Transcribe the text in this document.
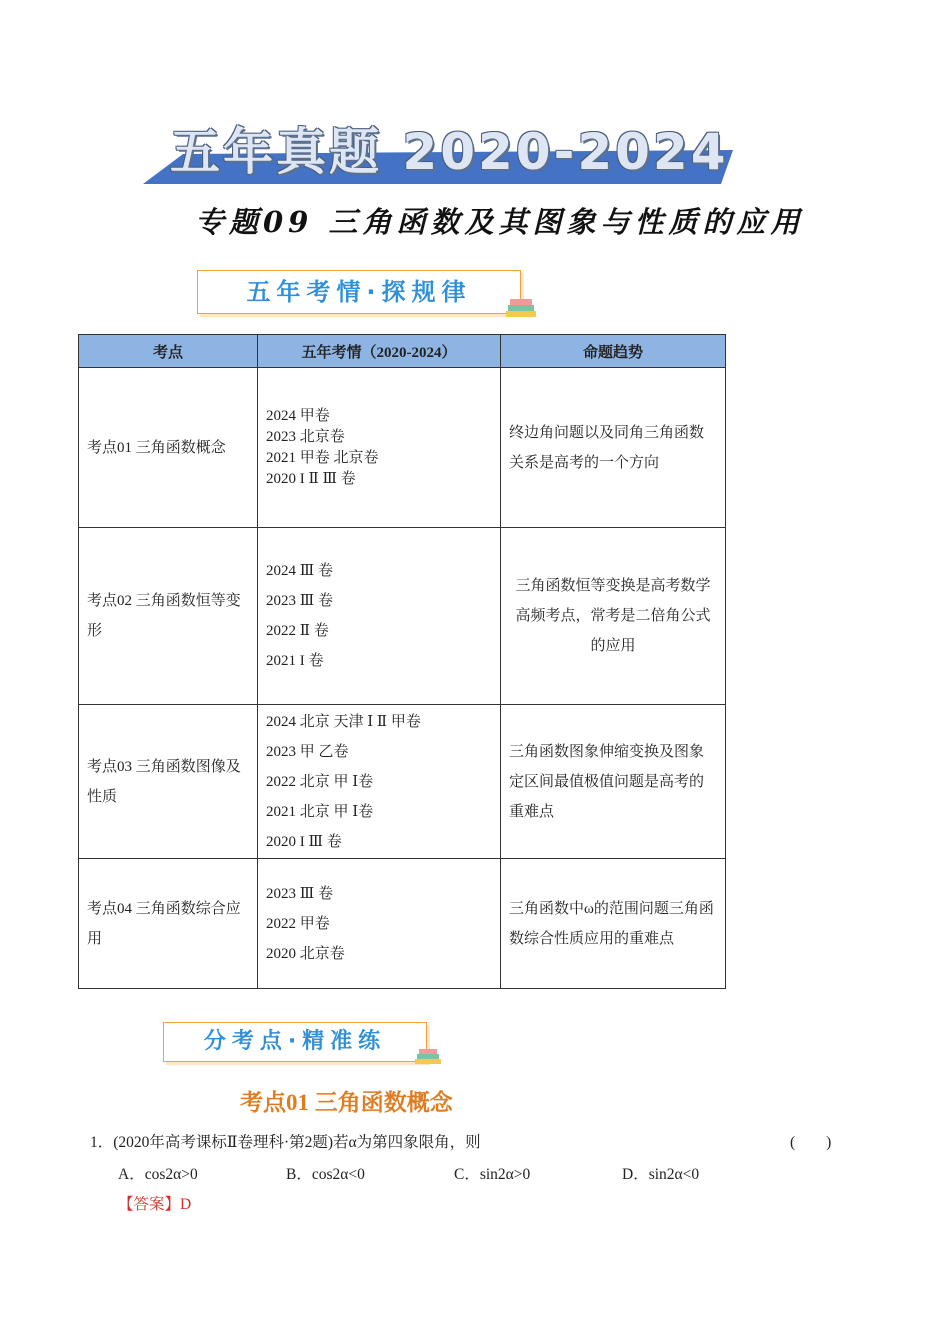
五年真题 2020-2024
专题09 三角函数及其图象与性质的应用
五年考情·探规律
考点	五年考情（2020-2024）	命题趋势
考点01 三角函数概念	2024 甲卷
2023 北京卷
2021 甲卷 北京卷
2020 I Ⅱ Ⅲ 卷	终边角问题以及同角三角函数关系是高考的一个方向
考点02 三角函数恒等变形	2024 Ⅲ 卷
2023 Ⅲ 卷
2022 Ⅱ 卷
2021 I 卷	三角函数恒等变换是高考数学高频考点，常考是二倍角公式的应用
考点03 三角函数图像及性质	2024 北京 天津 Ⅰ Ⅱ 甲卷
2023 甲 乙卷
2022 北京 甲 Ⅰ卷
2021 北京 甲 Ⅰ卷
2020 I Ⅲ 卷	三角函数图象伸缩变换及图象定区间最值极值问题是高考的重难点
考点04 三角函数综合应用	2023 Ⅲ 卷
2022 甲卷
2020 北京卷	三角函数中ω的范围问题三角函数综合性质应用的重难点
分考点·精准练
考点01 三角函数概念
1．(2020年高考课标Ⅱ卷理科·第2题)若α为第四象限角，则	(　　)
A．cos2α>0	B．cos2α<0	C．sin2α>0	D．sin2α<0
【答案】D
